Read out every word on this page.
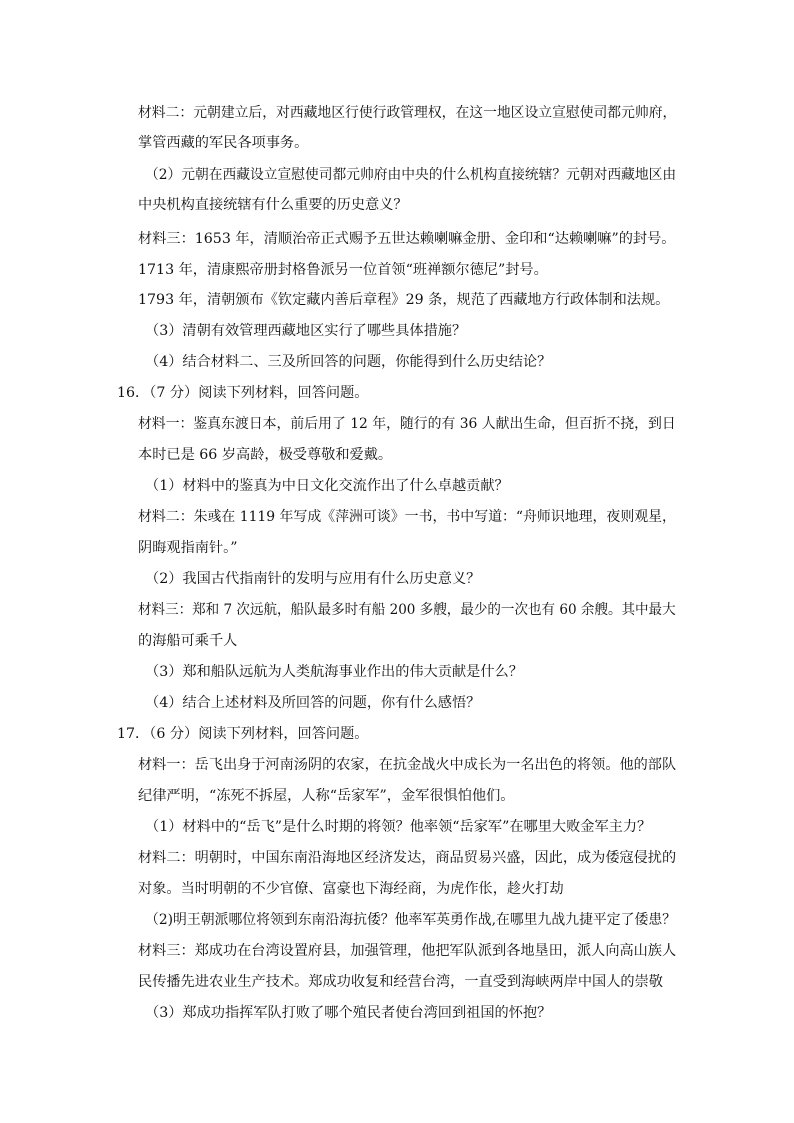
材料二：元朝建立后，对西藏地区行使行政管理权，在这一地区设立宣慰使司都元帅府，
掌管西藏的军民各项事务。
（2）元朝在西藏设立宣慰使司都元帅府由中央的什么机构直接统辖？元朝对西藏地区由
中央机构直接统辖有什么重要的历史意义？
材料三：1653 年，清顺治帝正式赐予五世达赖喇嘛金册、金印和“达赖喇嘛”的封号。
1713 年，清康熙帝册封格鲁派另一位首领“班禅额尔德尼”封号。
1793 年，清朝颁布《钦定藏内善后章程》29 条，规范了西藏地方行政体制和法规。
（3）清朝有效管理西藏地区实行了哪些具体措施？
（4）结合材料二、三及所回答的问题，你能得到什么历史结论？
16．（7 分）阅读下列材料，回答问题。
材料一：鉴真东渡日本，前后用了 12 年，随行的有 36 人献出生命，但百折不挠，到日
本时已是 66 岁高龄，极受尊敬和爱戴。
（1）材料中的鉴真为中日文化交流作出了什么卓越贡献？
材料二：朱彧在 1119 年写成《萍洲可谈》一书，书中写道：“舟师识地理，夜则观星，
阴晦观指南针。”
（2）我国古代指南针的发明与应用有什么历史意义？
材料三：郑和 7 次远航，船队最多时有船 200 多艘，最少的一次也有 60 余艘。其中最大
的海船可乘千人
（3）郑和船队远航为人类航海事业作出的伟大贡献是什么？
（4）结合上述材料及所回答的问题，你有什么感悟？
17．（6 分）阅读下列材料，回答问题。
材料一：岳飞出身于河南汤阴的农家，在抗金战火中成长为一名出色的将领。他的部队
纪律严明，“冻死不拆屋，人称“岳家军”，金军很惧怕他们。
（1）材料中的“岳飞”是什么时期的将领？他率领“岳家军”在哪里大败金军主力？
材料二：明朝时，中国东南沿海地区经济发达，商品贸易兴盛，因此，成为倭寇侵扰的
对象。当时明朝的不少官僚、富豪也下海经商，为虎作伥，趁火打劫
（2)明王朝派哪位将领到东南沿海抗倭？他率军英勇作战,在哪里九战九捷平定了倭患？
材料三：郑成功在台湾设置府县，加强管理，他把军队派到各地垦田，派人向高山族人
民传播先进农业生产技术。郑成功收复和经营台湾，一直受到海峡两岸中国人的崇敬
（3）郑成功指挥军队打败了哪个殖民者使台湾回到祖国的怀抱？
